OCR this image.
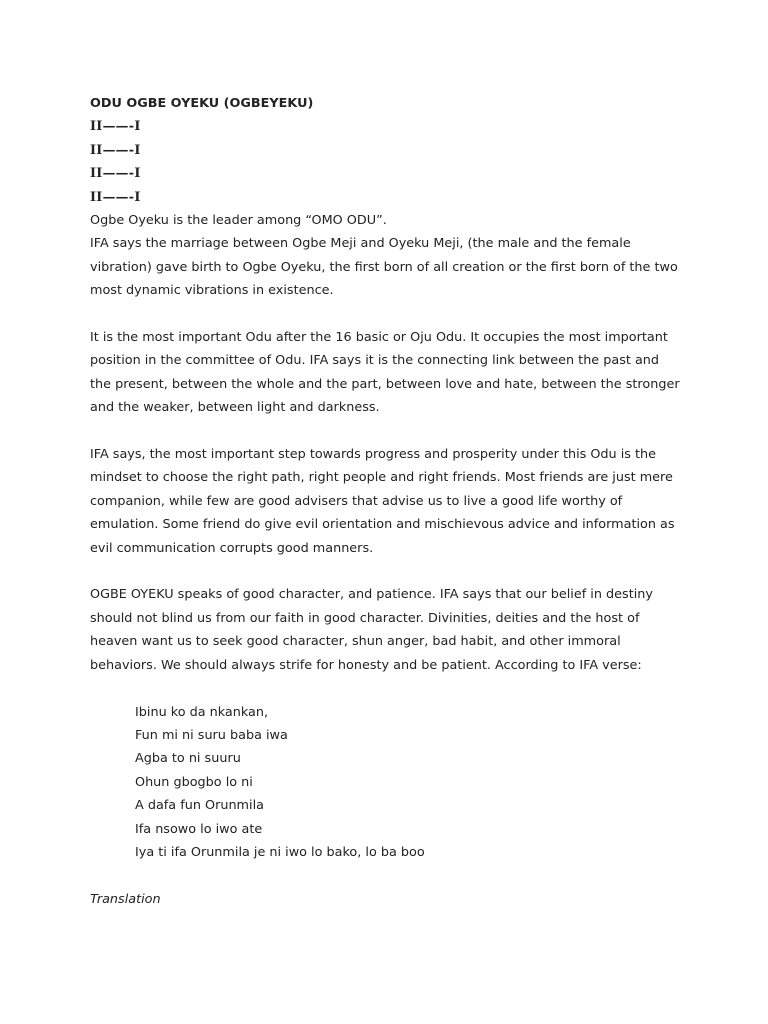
ODU OGBE OYEKU (OGBEYEKU)

II——-I

II——-I

II——-I

II——-I

Ogbe Oyeku is the leader among “OMO ODU”.

IFA says the marriage between Ogbe Meji and Oyeku Meji, (the male and the female

vibration) gave birth to Ogbe Oyeku, the first born of all creation or the first born of the two

most dynamic vibrations in existence.

It is the most important Odu after the 16 basic or Oju Odu. It occupies the most important

position in the committee of Odu. IFA says it is the connecting link between the past and

the present, between the whole and the part, between love and hate, between the stronger

and the weaker, between light and darkness.

IFA says, the most important step towards progress and prosperity under this Odu is the

mindset to choose the right path, right people and right friends. Most friends are just mere

companion, while few are good advisers that advise us to live a good life worthy of

emulation. Some friend do give evil orientation and mischievous advice and information as

evil communication corrupts good manners.

OGBE OYEKU speaks of good character, and patience. IFA says that our belief in destiny

should not blind us from our faith in good character. Divinities, deities and the host of

heaven want us to seek good character, shun anger, bad habit, and other immoral

behaviors. We should always strife for honesty and be patient. According to IFA verse:

Ibinu ko da nkankan,

Fun mi ni suru baba iwa

Agba to ni suuru

Ohun gbogbo lo ni

A dafa fun Orunmila

Ifa nsowo lo iwo ate

Iya ti ifa Orunmila je ni iwo lo bako, lo ba boo

Translation
